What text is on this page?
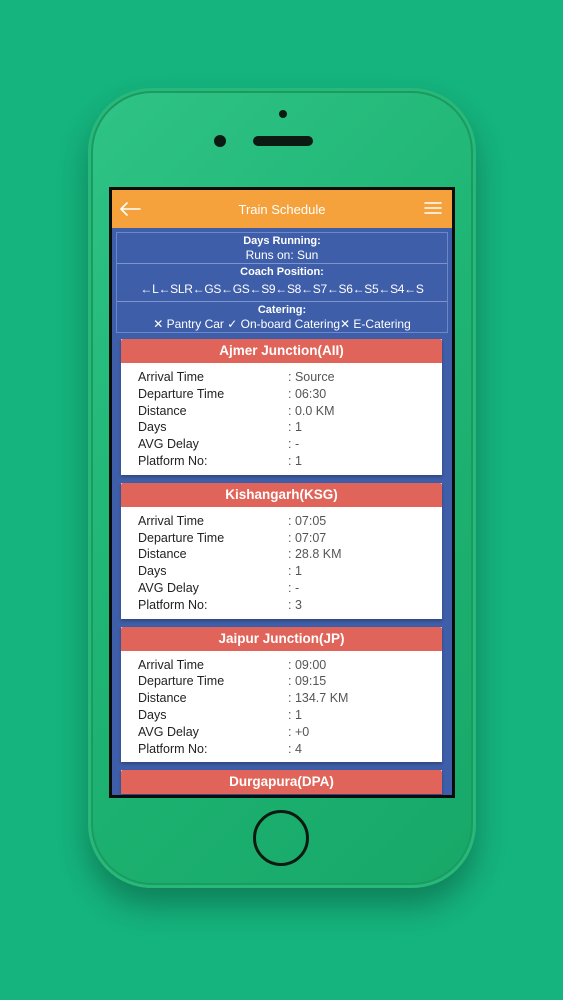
Train Schedule
Days Running:
Runs on: Sun
Coach Position:
←L←SLR←GS←GS←S9←S8←S7←S6←S5←S4←S
Catering:
✕ Pantry Car ✓ On-board Catering✕ E-Catering
Ajmer Junction(AII)
Arrival Time	: Source
Departure Time	: 06:30
Distance	: 0.0 KM
Days	: 1
AVG Delay	: -
Platform No:	: 1
Kishangarh(KSG)
Arrival Time	: 07:05
Departure Time	: 07:07
Distance	: 28.8 KM
Days	: 1
AVG Delay	: -
Platform No:	: 3
Jaipur Junction(JP)
Arrival Time	: 09:00
Departure Time	: 09:15
Distance	: 134.7 KM
Days	: 1
AVG Delay	: +0
Platform No:	: 4
Durgapura(DPA)
